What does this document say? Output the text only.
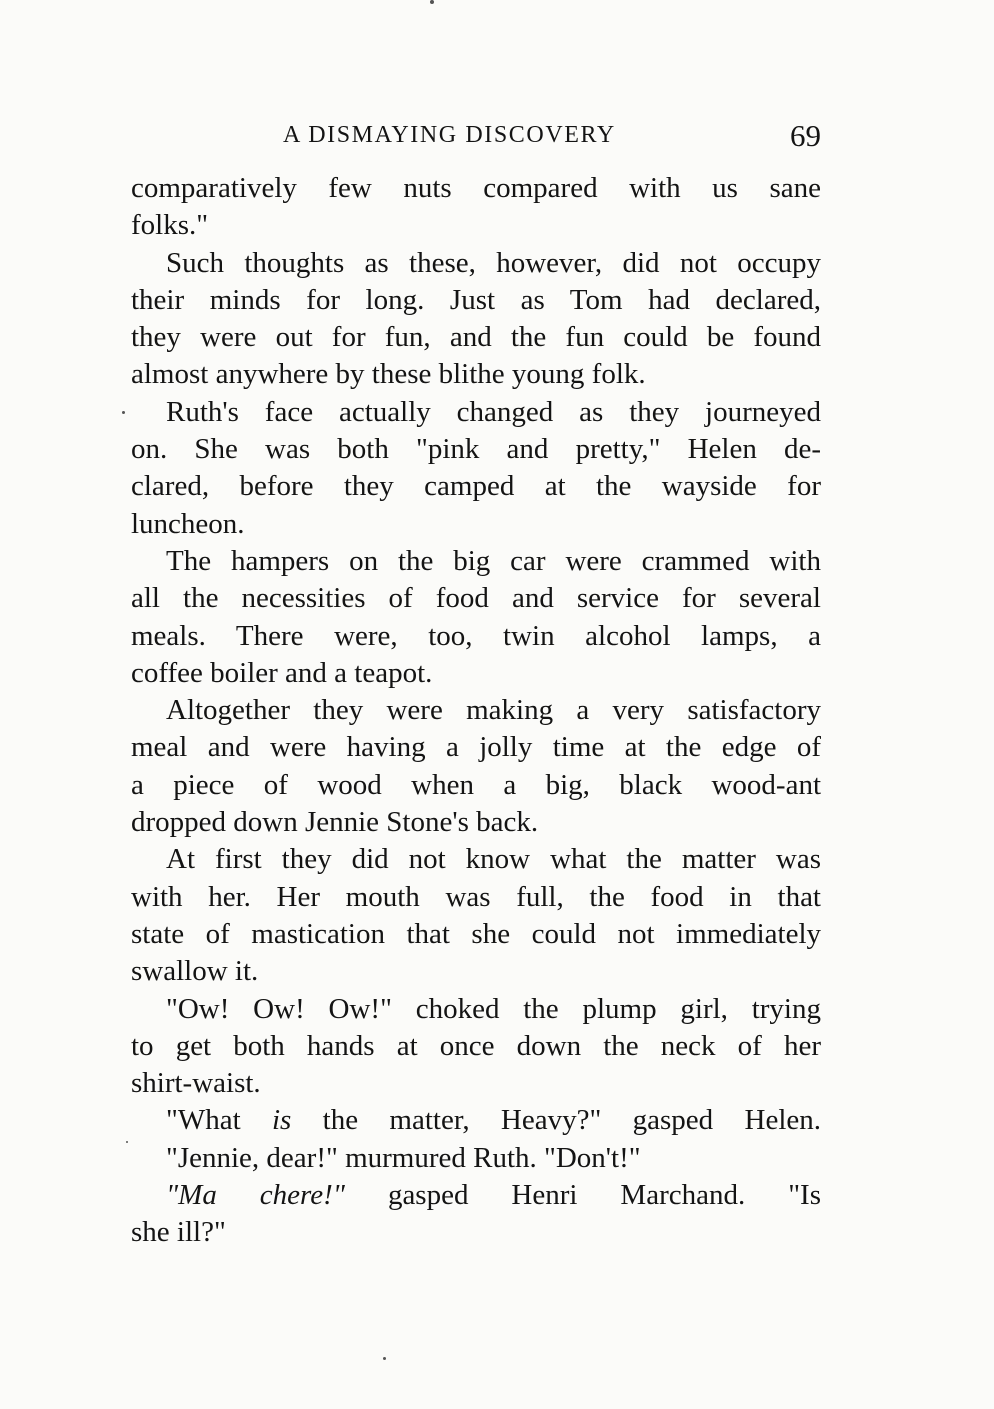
A DISMAYING DISCOVERY	69
comparatively few nuts compared with us sane
folks."
Such thoughts as these, however, did not occupy
their minds for long. Just as Tom had declared,
they were out for fun, and the fun could be found
almost anywhere by these blithe young folk.
Ruth's face actually changed as they journeyed
on. She was both "pink and pretty," Helen de-
clared, before they camped at the wayside for
luncheon.
The hampers on the big car were crammed with
all the necessities of food and service for several
meals. There were, too, twin alcohol lamps, a
coffee boiler and a teapot.
Altogether they were making a very satisfactory
meal and were having a jolly time at the edge of
a piece of wood when a big, black wood-ant
dropped down Jennie Stone's back.
At first they did not know what the matter was
with her. Her mouth was full, the food in that
state of mastication that she could not immediately
swallow it.
"Ow! Ow! Ow!" choked the plump girl, trying
to get both hands at once down the neck of her
shirt-waist.
"What is the matter, Heavy?" gasped Helen.
"Jennie, dear!" murmured Ruth. "Don't!"
"Ma chere!" gasped Henri Marchand. "Is
she ill?"
